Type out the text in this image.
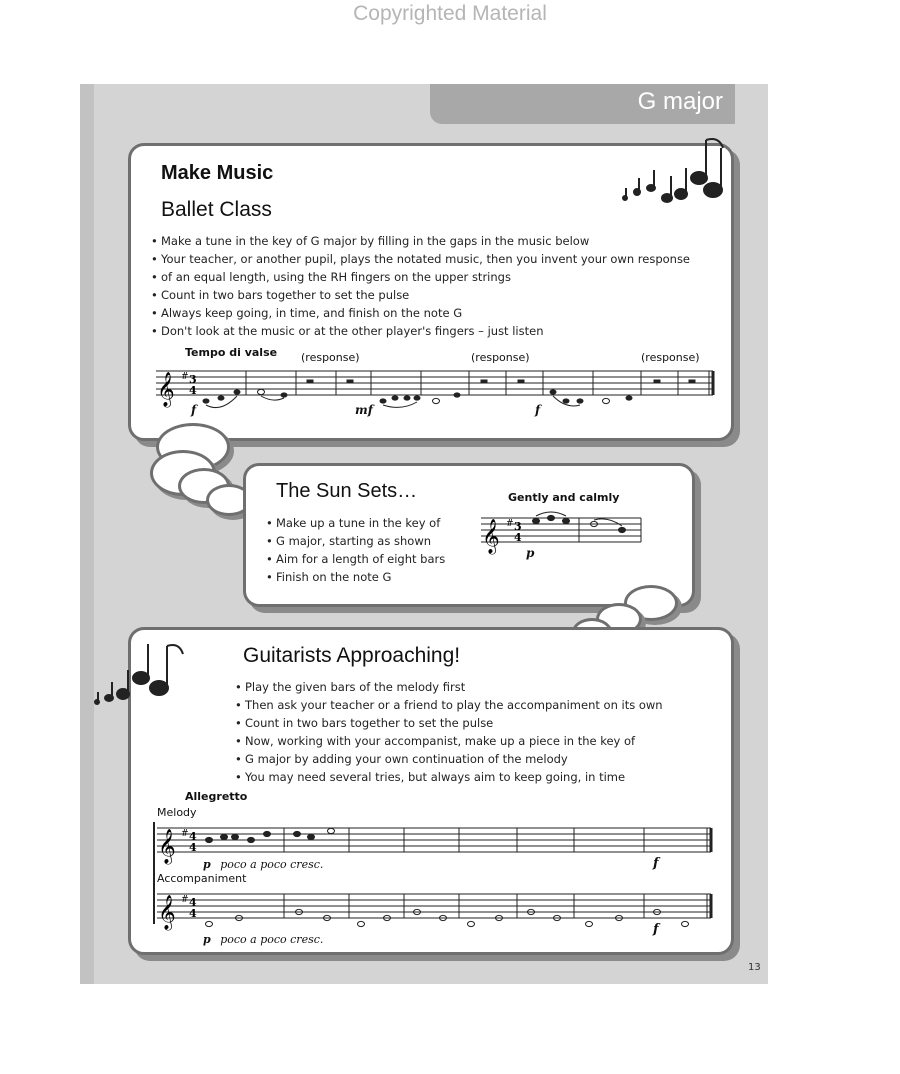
Copyrighted Material
G major
Make Music
Ballet Class
• Make a tune in the key of G major by filling in the gaps in the music below
• Your teacher, or another pupil, plays the notated music, then you invent your own response
• of an equal length, using the RH fingers on the upper strings
• Count in two bars together to set the pulse
• Always keep going, in time, and finish on the note G
• Don't look at the music or at the other player's fingers – just listen
Tempo di valse (response)	(response)	(response)
𝄞 # 3
4
f	mf	f
The Sun Sets…
• Make up a tune in the key of
• G major, starting as shown
• Aim for a length of eight bars
• Finish on the note G
Gently and calmly
𝄞 # 3
4
p
Guitarists Approaching!
• Play the given bars of the melody first
• Then ask your teacher or a friend to play the accompaniment on its own
• Count in two bars together to set the pulse
• Now, working with your accompanist, make up a piece in the key of
• G major by adding your own continuation of the melody
• You may need several tries, but always aim to keep going, in time
Allegretto
Melody
Accompaniment
𝄞 # 4
4
𝄞 # 4
4
p poco a poco cresc.	f
p poco a poco cresc.
f
13
